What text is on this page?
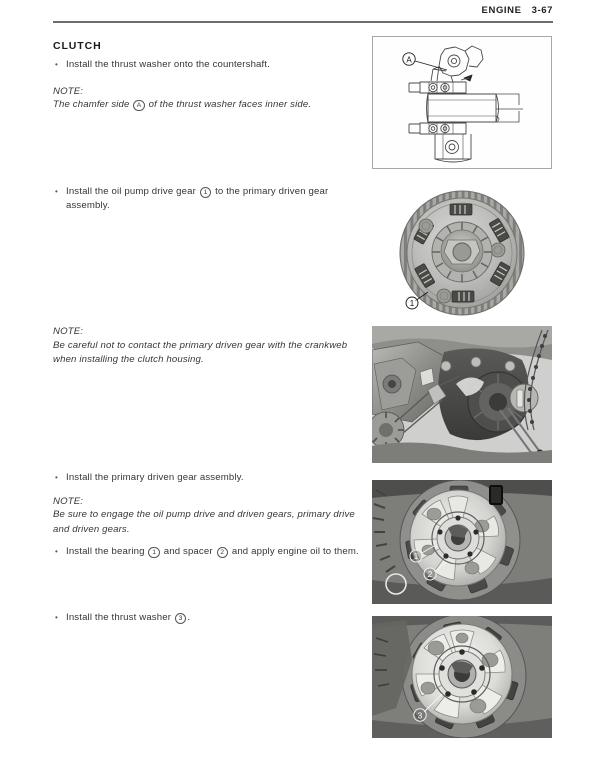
ENGINE 3-67
CLUTCH
• Install the thrust washer onto the countershaft.
NOTE:
The chamfer side A of the thrust washer faces inner side.
• Install the oil pump drive gear 1 to the primary driven gear assembly.
NOTE:
Be careful not to contact the primary driven gear with the crankweb when installing the clutch housing.
• Install the primary driven gear assembly.
NOTE:
Be sure to engage the oil pump drive and driven gears, primary drive and driven gears.
• Install the bearing 1 and spacer 2 and apply engine oil to them.
• Install the thrust washer 3 .
A
1
1
2
3
